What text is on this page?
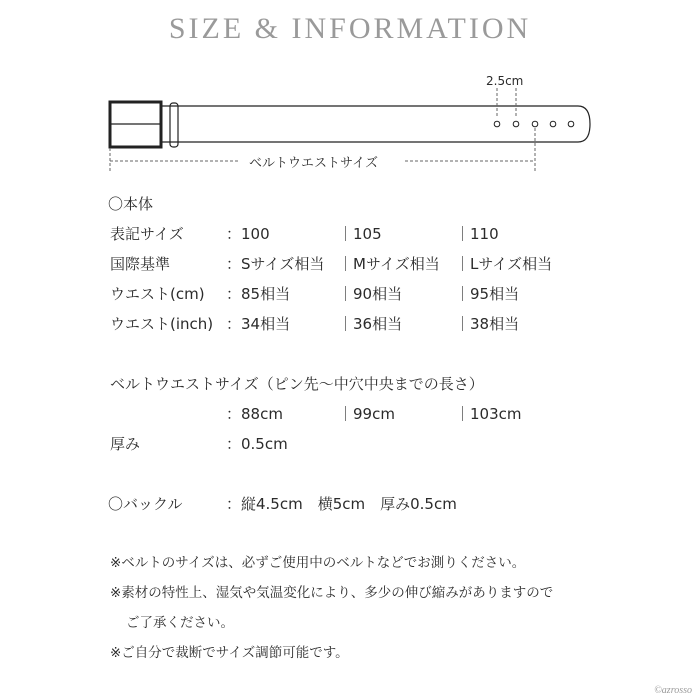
SIZE & INFORMATION
2.5cm
ベルトウエストサイズ
〇本体
表記サイズ	：100	｜105	｜110
国際基準	：Sサイズ相当 ｜Mサイズ相当 ｜Lサイズ相当
ウエスト(cm) ：85相当	｜90相当	｜95相当
ウエスト(inch) ：34相当	｜36相当	｜38相当
ベルトウエストサイズ（ピン先〜中穴中央までの長さ）
：88cm	｜99cm	｜103cm
厚み	：0.5cm
〇バックル	：縦4.5cm　横5cm　厚み0.5cm
※ベルトのサイズは、必ずご使用中のベルトなどでお測りください。
※素材の特性上、湿気や気温変化により、多少の伸び縮みがありますので
ご了承ください。
※ご自分で裁断でサイズ調節可能です。
©azrosso
